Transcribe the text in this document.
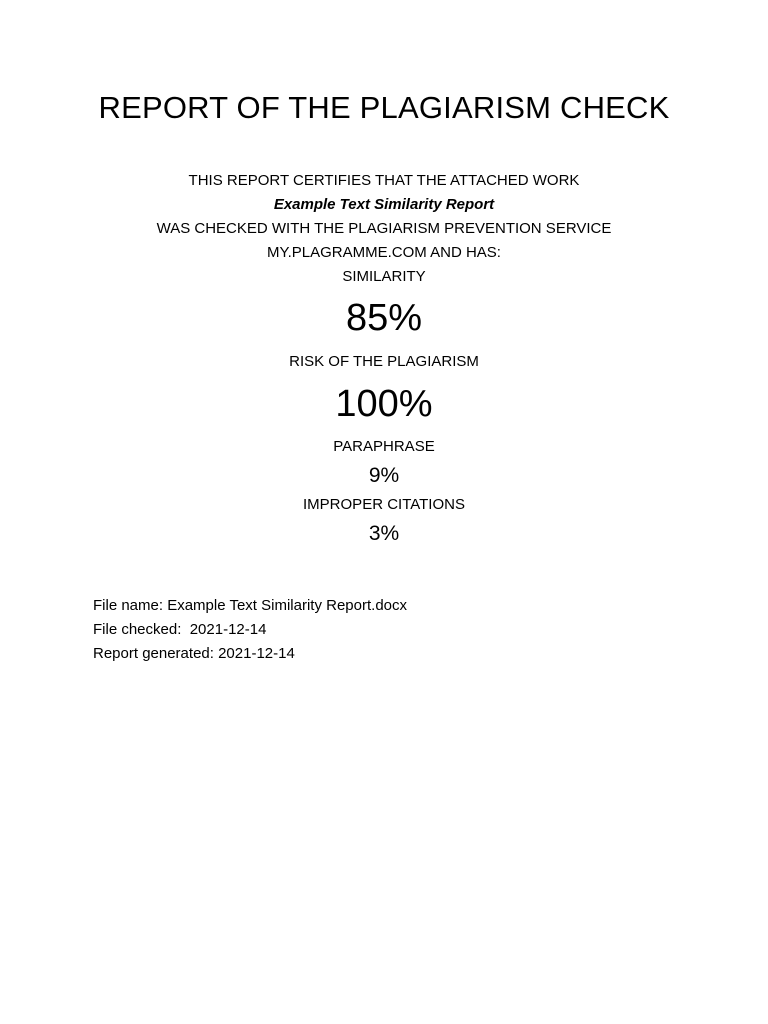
REPORT OF THE PLAGIARISM CHECK
THIS REPORT CERTIFIES THAT THE ATTACHED WORK
Example Text Similarity Report
WAS CHECKED WITH THE PLAGIARISM PREVENTION SERVICE
MY.PLAGRAMME.COM AND HAS:
SIMILARITY
85%
RISK OF THE PLAGIARISM
100%
PARAPHRASE
9%
IMPROPER CITATIONS
3%
File name: Example Text Similarity Report.docx
File checked:  2021-12-14
Report generated: 2021-12-14
